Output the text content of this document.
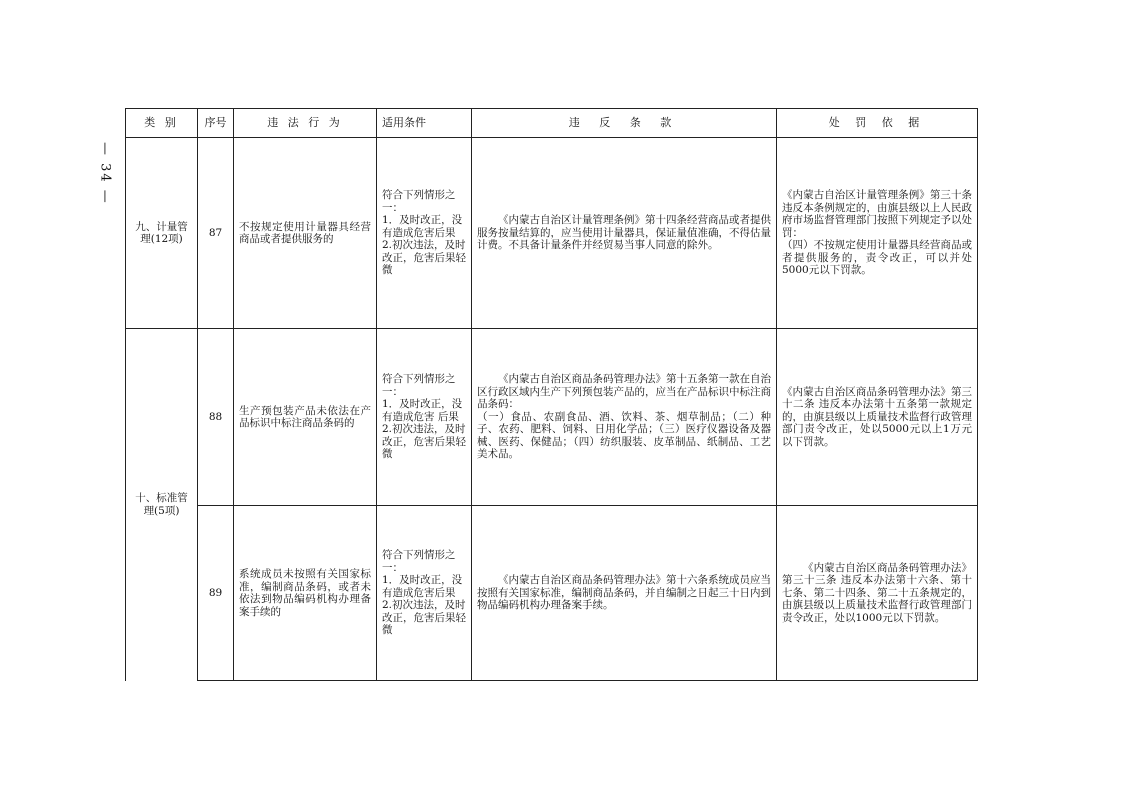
— 34 —
类 别	序号	违 法 行 为	适用条件	违 反 条 款	处 罚 依 据
九、计量管理(12项)	87	不按规定使用计量器具经营商品或者提供服务的	符合下列情形之一：
1．及时改正，没有造成危害后果
2.初次违法，及时改正，危害后果轻微	《内蒙古自治区计量管理条例》第十四条经营商品或者提供服务按量结算的，应当使用计量器具，保证量值准确，不得估量计费。不具备计量条件并经贸易当事人同意的除外。	《内蒙古自治区计量管理条例》第三十条违反本条例规定的，由旗县级以上人民政府市场监督管理部门按照下列规定予以处罚：
（四）不按规定使用计量器具经营商品或者提供服务的，责令改正，可以并处5000元以下罚款。
十、标准管理(5项)	88	生产预包装产品未依法在产品标识中标注商品条码的	符合下列情形之一：
1．及时改正，没有造成危害 后果
2.初次违法，及时改正，危害后果轻微	《内蒙古自治区商品条码管理办法》第十五条第一款在自治区行政区域内生产下列预包装产品的，应当在产品标识中标注商品条码：
（一）食品、农副食品、酒、饮料、茶、烟草制品；（二）种子、农药、肥料、饲料、日用化学品；（三）医疗仪器设备及器械、医药、保健品；（四）纺织服装、皮革制品、纸制品、工艺美术品。	《内蒙古自治区商品条码管理办法》第三十二条 违反本办法第十五条第一款规定的，由旗县级以上质量技术监督行政管理部门责令改正，处以5000元以上1万元以下罚款。
	89	系统成员未按照有关国家标准，编制商品条码，或者未依法到物品编码机构办理备案手续的	符合下列情形之一：
1．及时改正，没有造成危害后果
2.初次违法，及时改正，危害后果轻微	《内蒙古自治区商品条码管理办法》第十六条系统成员应当按照有关国家标准，编制商品条码，并自编制之日起三十日内到物品编码机构办理备案手续。	《内蒙古自治区商品条码管理办法》第三十三条 违反本办法第十六条、第十七条、第二十四条、第二十五条规定的，由旗县级以上质量技术监督行政管理部门责令改正，处以1000元以下罚款。
